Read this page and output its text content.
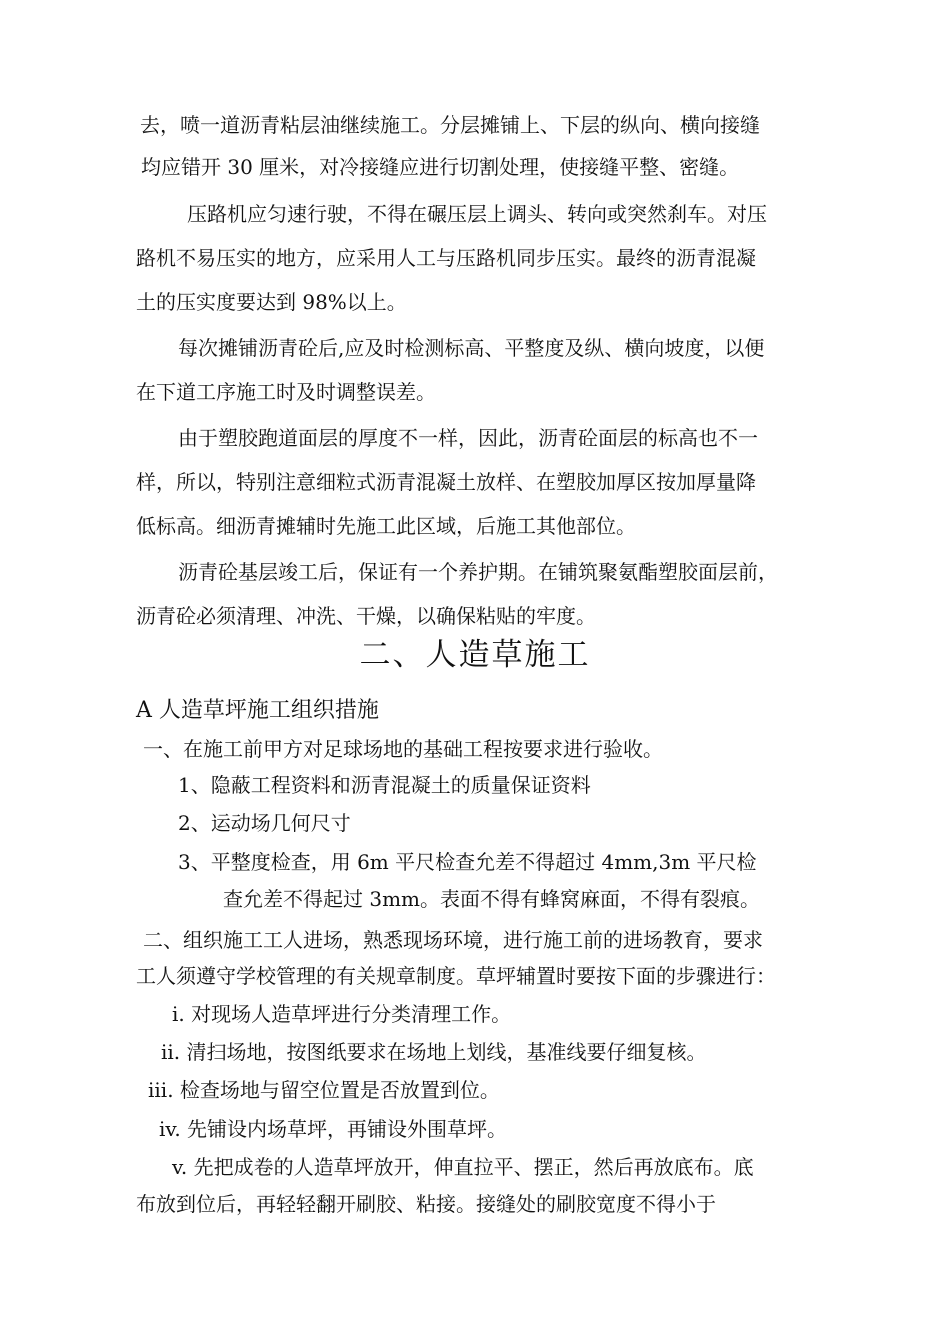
去，喷一道沥青粘层油继续施工。分层摊铺上、下层的纵向、横向接缝
均应错开 30 厘米，对冷接缝应进行切割处理，使接缝平整、密缝。
压路机应匀速行驶，不得在碾压层上调头、转向或突然刹车。对压
路机不易压实的地方，应采用人工与压路机同步压实。最终的沥青混凝
土的压实度要达到 98%以上。
每次摊铺沥青砼后,应及时检测标高、平整度及纵、横向坡度，以便
在下道工序施工时及时调整误差。
由于塑胶跑道面层的厚度不一样，因此，沥青砼面层的标高也不一
样，所以，特别注意细粒式沥青混凝土放样、在塑胶加厚区按加厚量降
低标高。细沥青摊辅时先施工此区域，后施工其他部位。
沥青砼基层竣工后，保证有一个养护期。在铺筑聚氨酯塑胶面层前，
沥青砼必须清理、冲洗、干燥，以确保粘贴的牢度。
二、人造草施工
A 人造草坪施工组织措施
一、在施工前甲方对足球场地的基础工程按要求进行验收。
1、隐蔽工程资料和沥青混凝土的质量保证资料
2、运动场几何尺寸
3、平整度检查，用 6m 平尺检查允差不得超过 4mm,3m 平尺检
查允差不得起过 3mm。表面不得有蜂窝麻面，不得有裂痕。
二、组织施工工人进场，熟悉现场环境，进行施工前的进场教育，要求
工人须遵守学校管理的有关规章制度。草坪辅置时要按下面的步骤进行：
i. 对现场人造草坪进行分类清理工作。
ii. 清扫场地，按图纸要求在场地上划线，基准线要仔细复核。
iii. 检查场地与留空位置是否放置到位。
iv. 先铺设内场草坪，再铺设外围草坪。
v. 先把成卷的人造草坪放开，伸直拉平、摆正，然后再放底布。底
布放到位后，再轻轻翻开刷胶、粘接。接缝处的刷胶宽度不得小于
